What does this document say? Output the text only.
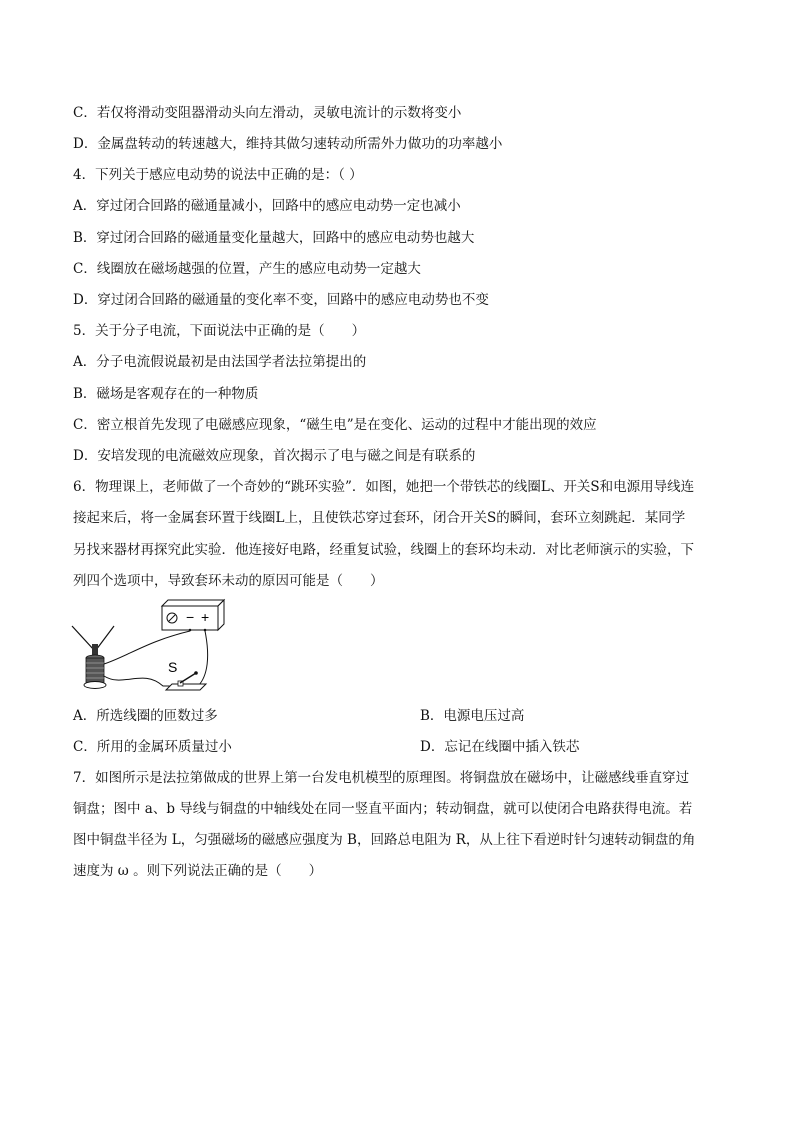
C．若仅将滑动变阻器滑动头向左滑动，灵敏电流计的示数将变小
D．金属盘转动的转速越大，维持其做匀速转动所需外力做功的功率越小
4．下列关于感应电动势的说法中正确的是：（ ）
A．穿过闭合回路的磁通量减小，回路中的感应电动势一定也减小
B．穿过闭合回路的磁通量变化量越大，回路中的感应电动势也越大
C．线圈放在磁场越强的位置，产生的感应电动势一定越大
D．穿过闭合回路的磁通量的变化率不变，回路中的感应电动势也不变
5．关于分子电流，下面说法中正确的是（　　）
A．分子电流假说最初是由法国学者法拉第提出的
B．磁场是客观存在的一种物质
C．密立根首先发现了电磁感应现象，“磁生电”是在变化、运动的过程中才能出现的效应
D．安培发现的电流磁效应现象，首次揭示了电与磁之间是有联系的
6．物理课上，老师做了一个奇妙的“跳环实验”．如图，她把一个带铁芯的线圈L、开关S和电源用导线连
接起来后，将一金属套环置于线圈L上，且使铁芯穿过套环，闭合开关S的瞬间，套环立刻跳起．某同学
另找来器材再探究此实验．他连接好电路，经重复试验，线圈上的套环均未动．对比老师演示的实验，下
列四个选项中，导致套环未动的原因可能是（　　）
− +
S
A．所选线圈的匝数过多	B．电源电压过高
C．所用的金属环质量过小	D．忘记在线圈中插入铁芯
7．如图所示是法拉第做成的世界上第一台发电机模型的原理图。将铜盘放在磁场中，让磁感线垂直穿过
铜盘；图中 a、b 导线与铜盘的中轴线处在同一竖直平面内；转动铜盘，就可以使闭合电路获得电流。若
图中铜盘半径为 L，匀强磁场的磁感应强度为 B，回路总电阻为 R，从上往下看逆时针匀速转动铜盘的角
速度为 ω 。则下列说法正确的是（　　）
